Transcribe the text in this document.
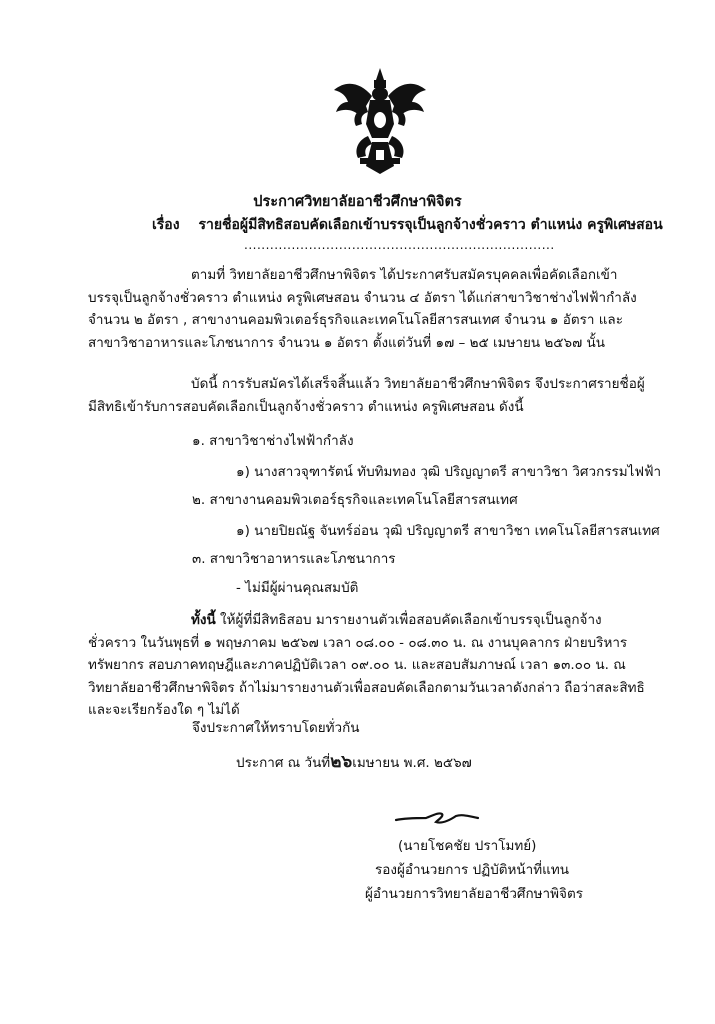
ประกาศวิทยาลัยอาชีวศึกษาพิจิตร
เรื่อง รายชื่อผู้มีสิทธิสอบคัดเลือกเข้าบรรจุเป็นลูกจ้างชั่วคราว ตำแหน่ง ครูพิเศษสอน
........................................................................
ตามที่ วิทยาลัยอาชีวศึกษาพิจิตร ได้ประกาศรับสมัครบุคคลเพื่อคัดเลือกเข้าบรรจุเป็นลูกจ้างชั่วคราว ตำแหน่ง ครูพิเศษสอน จำนวน ๔ อัตรา ได้แก่สาขาวิชาช่างไฟฟ้ากำลัง จำนวน ๒ อัตรา , สาขางานคอมพิวเตอร์ธุรกิจและเทคโนโลยีสารสนเทศ จำนวน ๑ อัตรา และสาขาวิชาอาหารและโภชนาการ จำนวน ๑ อัตรา ตั้งแต่วันที่ ๑๗ – ๒๕ เมษายน ๒๕๖๗ นั้น
บัดนี้ การรับสมัครได้เสร็จสิ้นแล้ว วิทยาลัยอาชีวศึกษาพิจิตร จึงประกาศรายชื่อผู้มีสิทธิเข้ารับการสอบคัดเลือกเป็นลูกจ้างชั่วคราว ตำแหน่ง ครูพิเศษสอน ดังนี้
๑. สาขาวิชาช่างไฟฟ้ากำลัง
๑) นางสาวจุฑารัตน์ ทับทิมทอง วุฒิ ปริญญาตรี สาขาวิชา วิศวกรรมไฟฟ้า
๒. สาขางานคอมพิวเตอร์ธุรกิจและเทคโนโลยีสารสนเทศ
๑) นายปิยณัฐ จันทร์อ่อน วุฒิ ปริญญาตรี สาขาวิชา เทคโนโลยีสารสนเทศ
๓. สาขาวิชาอาหารและโภชนาการ
- ไม่มีผู้ผ่านคุณสมบัติ
ทั้งนี้ ให้ผู้ที่มีสิทธิสอบ มารายงานตัวเพื่อสอบคัดเลือกเข้าบรรจุเป็นลูกจ้างชั่วคราว ในวันพุธที่ ๑ พฤษภาคม ๒๕๖๗ เวลา ๐๘.๐๐ - ๐๘.๓๐ น. ณ งานบุคลากร ฝ่ายบริหารทรัพยากร สอบภาคทฤษฎีและภาคปฏิบัติเวลา ๐๙.๐๐ น. และสอบสัมภาษณ์ เวลา ๑๓.๐๐ น. ณ วิทยาลัยอาชีวศึกษาพิจิตร ถ้าไม่มารายงานตัวเพื่อสอบคัดเลือกตามวันเวลาดังกล่าว ถือว่าสละสิทธิและจะเรียกร้องใด ๆ ไม่ได้
จึงประกาศให้ทราบโดยทั่วกัน
ประกาศ ณ วันที่๒๖เมษายน พ.ศ. ๒๕๖๗
(นายโชคชัย ปราโมทย์)
รองผู้อำนวยการ ปฏิบัติหน้าที่แทน
ผู้อำนวยการวิทยาลัยอาชีวศึกษาพิจิตร
